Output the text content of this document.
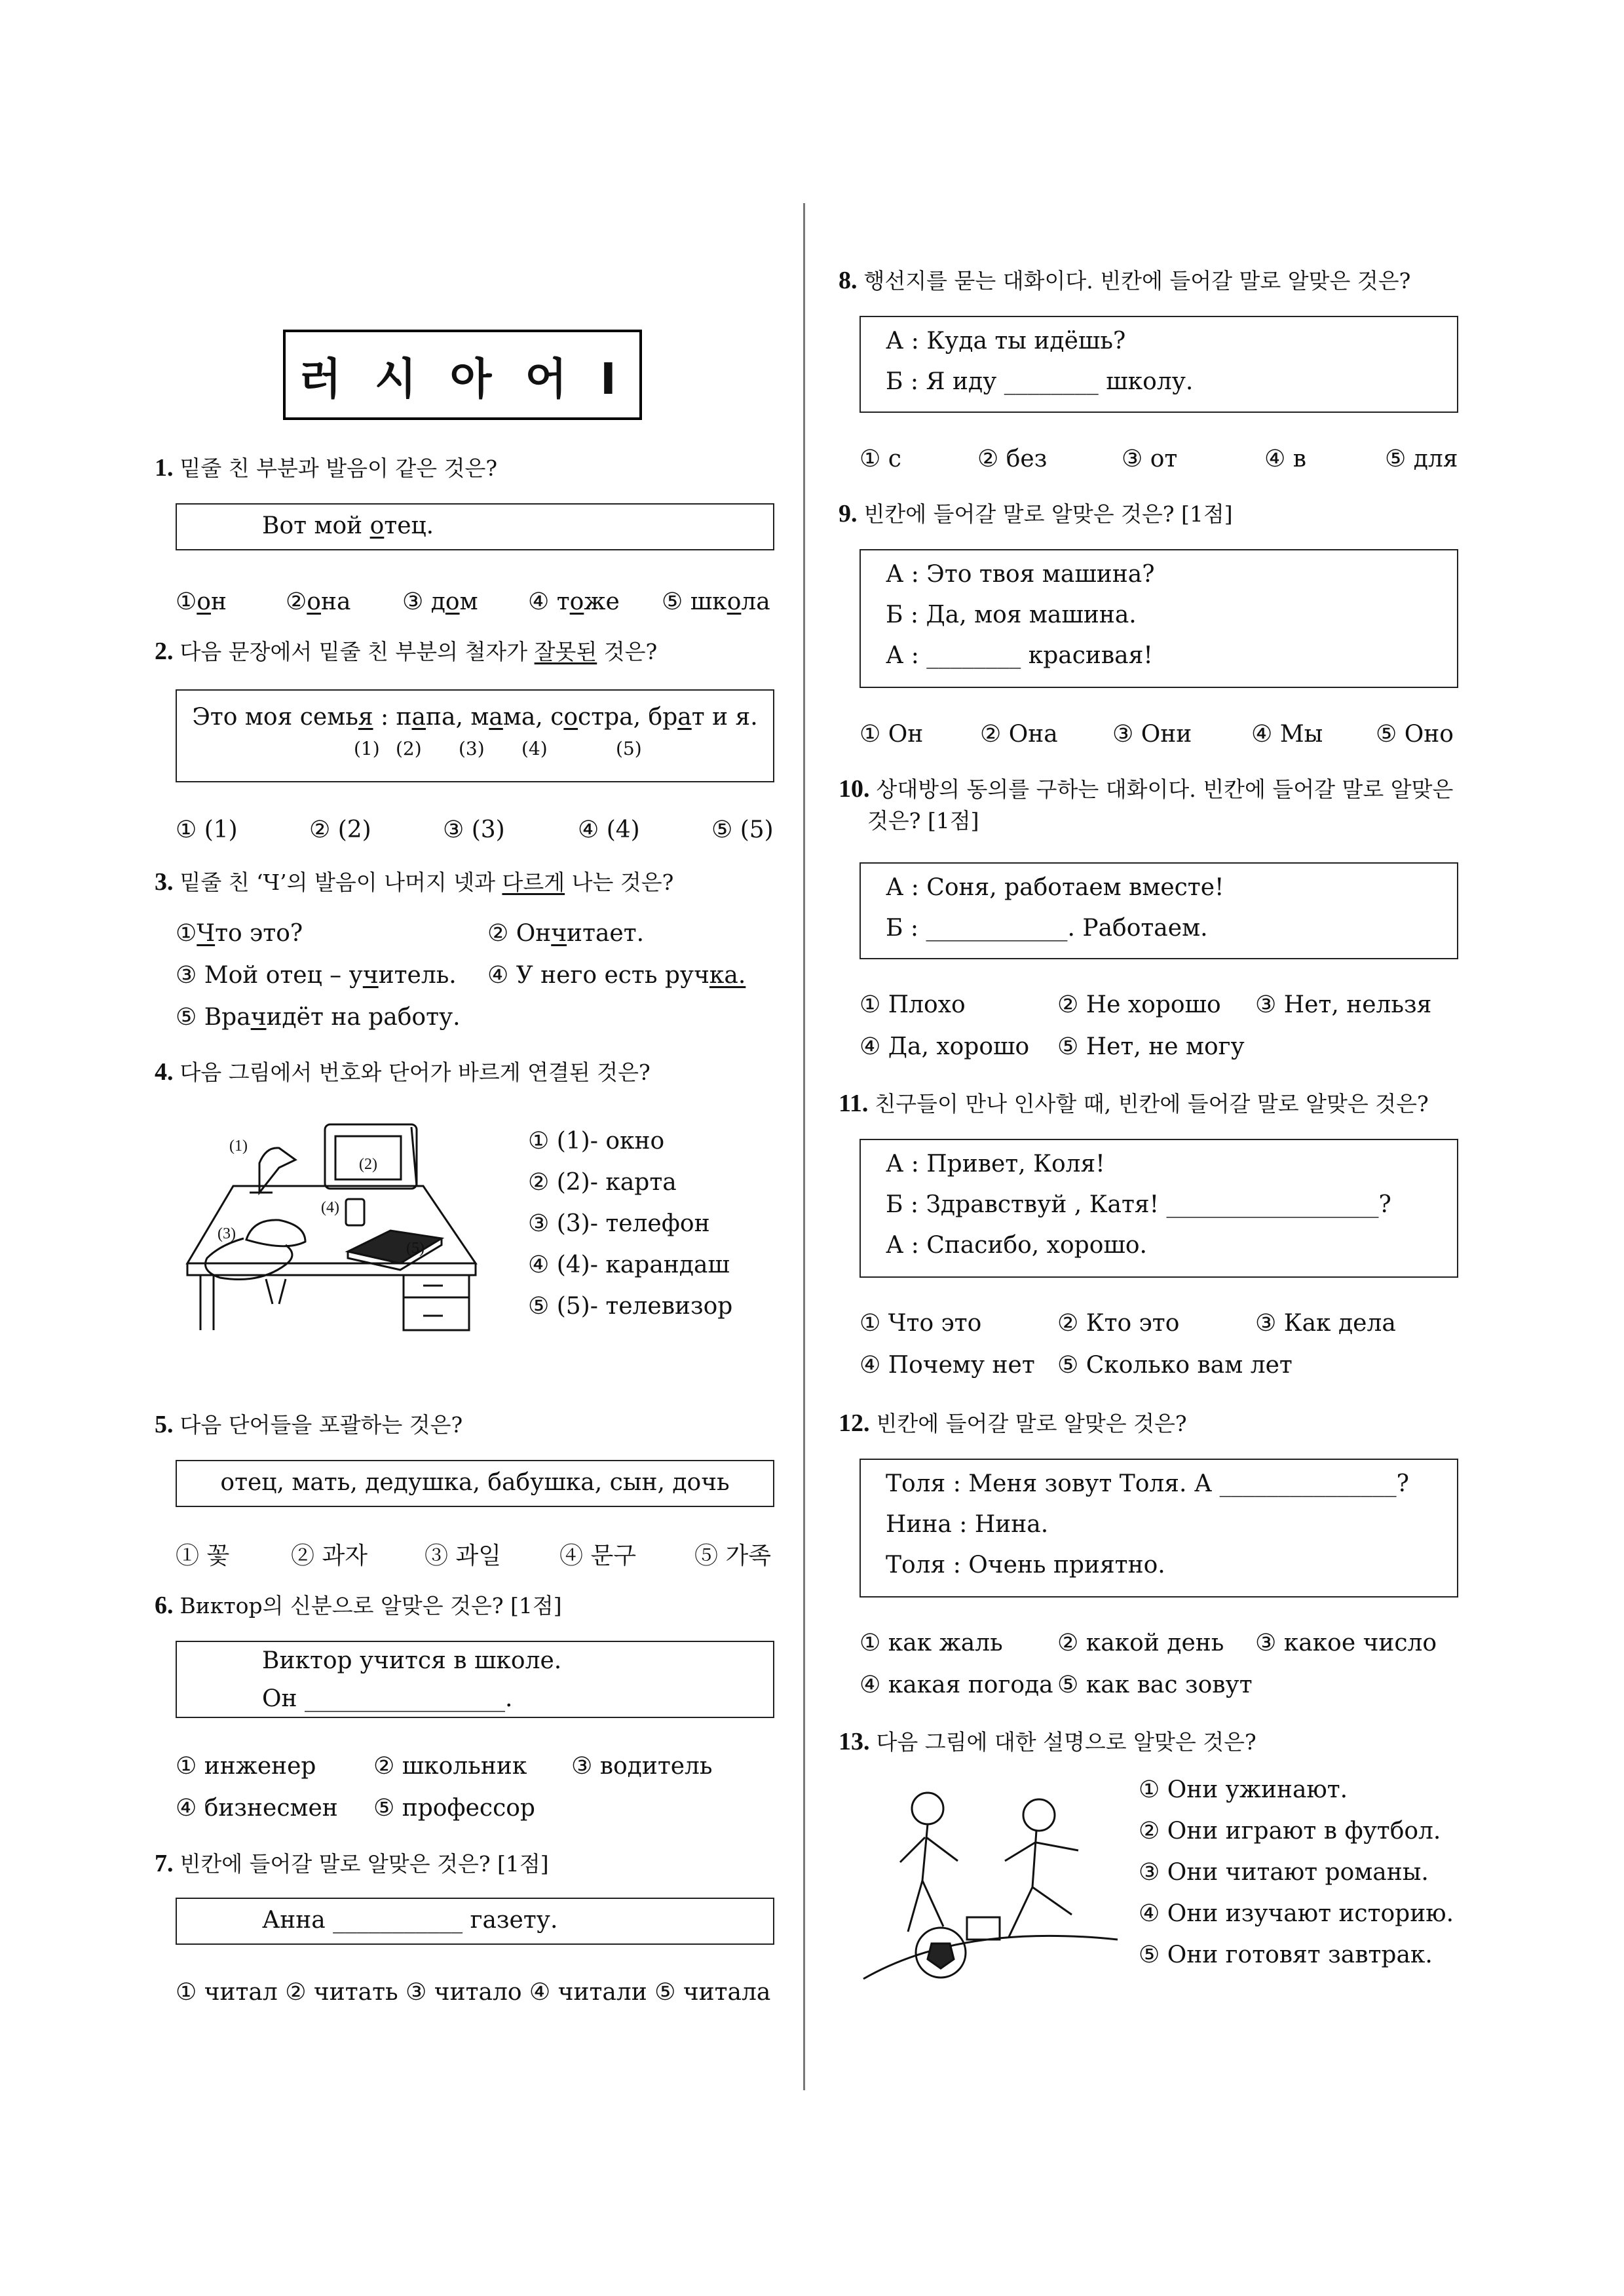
러 시 아 어 Ⅰ
1. 밑줄 친 부분과 발음이 같은 것은?
Вот мой отец.
①он	②она ③ дом ④ тоже ⑤ школа
2. 다음 문장에서 밑줄 친 부분의 철자가 잘못된 것은?
Это моя семья : папа, мама, состра, брат и я.
(1) (2) (3) (4)	(5)
① (1)	② (2)	③ (3)	④ (4)	⑤ (5)
3. 밑줄 친 ‘Ч’의 발음이 나머지 넷과 다르게 나는 것은?
①Что это?	② Ончитает.
③ Мой отец – учитель. ④ У него есть ручка.
⑤ Врачидёт на работу.
4. 다음 그림에서 번호와 단어가 바르게 연결된 것은?
(1)
(2)
(3)
(4)
(5)
① (1)- окно
② (2)- карта
③ (3)- телефон
④ (4)- карандаш
⑤ (5)- телевизор
5. 다음 단어들을 포괄하는 것은?
отец, мать, дедушка, бабушка, сын, дочь
① 꽃	② 과자 ③ 과일 ④ 문구 ⑤ 가족
6. Виктор의 신분으로 알맞은 것은? [1점]
Виктор учится в школе.
Он _________________.
① инженер ② школьник ③ водитель
④ бизнесмен ⑤ профессор
7. 빈칸에 들어갈 말로 알맞은 것은? [1점]
Анна ___________ газету.
① читал ② читать ③ читало ④ читали ⑤ читала
8. 행선지를 묻는 대화이다. 빈칸에 들어갈 말로 알맞은 것은?
А : Куда ты идёшь?
Б : Я иду ________ школу.
① с	② без	③ от	④ в	⑤ для
9. 빈칸에 들어갈 말로 알맞은 것은? [1점]
А : Это твоя машина?
Б : Да, моя машина.
А : ________ красивая!
① Он ② Она ③ Они	④ Мы ⑤ Оно
10. 상대방의 동의를 구하는 대화이다. 빈칸에 들어갈 말로 알맞은
것은? [1점]
А : Соня, работаем вместе!
Б : ____________. Работаем.
① Плохо	② Не хорошо ③ Нет, нельзя
④ Да, хорошо ⑤ Нет, не могу
11. 친구들이 만나 인사할 때, 빈칸에 들어갈 말로 알맞은 것은?
А : Привет, Коля!
Б : Здравствуй , Катя! __________________?
А : Спасибо, хорошо.
① Что это	② Кто это	③ Как дела
④ Почему нет ⑤ Сколько вам лет
12. 빈칸에 들어갈 말로 알맞은 것은?
Толя : Меня зовут Толя. А _______________?
Нина : Нина.
Толя : Очень приятно.
① как жаль ② какой день ③ какое число
④ какая погода ⑤ как вас зовут
13. 다음 그림에 대한 설명으로 알맞은 것은?
① Они ужинают.
② Они играют в футбол.
③ Они читают романы.
④ Они изучают историю.
⑤ Они готовят завтрак.
